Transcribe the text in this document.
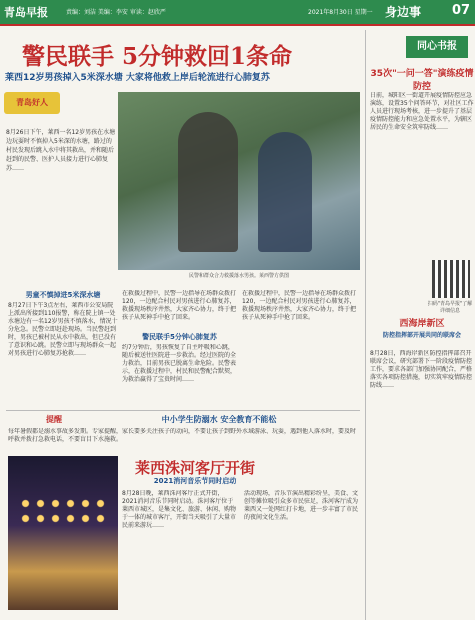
青岛早报	责编：刘洁 美编：李安 审读：赵欣严	2021年8月30日 星期一 身边事 07
警民联手 5分钟救回1条命
莱西12岁男孩掉入5米深水塘 大家将他救上岸后轮流进行心肺复苏
青岛好人
8月26日下午，莱西一名12岁男孩在水塘边玩耍时不慎掉入5米深的水塘，路过的村民发现后跳入水中将其救出，并和随后赶到的民警、医护人员接力进行心肺复苏……
民警和群众合力救援落水男孩。莱西警方供图
男童不慎掉进5米深水塘
8月27日下午3点左右，莱西市公安局院上派出所接到110报警，称在院上镇一处水塘边有一名12岁男孩不慎落水，情况十分危急。民警立即赶赴现场。当民警赶到时，男孩已被村民从水中救出，但已没有了意识和心跳。民警立即与现场群众一起对男孩进行心肺复苏抢救……
在救援过程中，民警一边指导在场群众拨打120，一边配合村民对男孩进行心肺复苏，救援现场秩序井然，大家齐心协力，终于把孩子从死神手中抢了回来。
警民联手5分钟心肺复苏
约7分钟后，男孩恢复了自主呼吸和心跳，随后被送往医院进一步救治。经过医院的全力救治，目前男孩已脱离生命危险。民警表示，在救援过程中，村民和民警配合默契，为救治赢得了宝贵时间……
在救援过程中，民警一边指导在场群众拨打120，一边配合村民对男孩进行心肺复苏，救援现场秩序井然，大家齐心协力，终于把孩子从死神手中抢了回来。
提醒	中小学生防溺水 安全教育不能松
每年暑假都是溺水事故多发期。专家提醒，家长要多关注孩子的动向，不要让孩子到野外水域游泳、玩耍，遇到他人落水时，要及时呼救并拨打急救电话，不要盲目下水施救。
莱西洙河客厅开街
2021消河音乐节同时启动
8月28日晚，莱西洙河客厅正式开街，2021消河音乐节同时启动。洙河客厅位于莱西市城区，是集文化、旅游、休闲、购物于一体的城市客厅，开街当天吸引了大量市民前来游玩……
活动现场，音乐节演出精彩纷呈，美食、文创等摊位吸引众多市民驻足，洙河客厅成为莱西又一处网红打卡地，进一步丰富了市民的夜间文化生活。
同心书报
35次"一问一答"演练疫情防控
日前，城阳区一街道开展疫情防控应急演练，设置35个问答环节，对社区工作人员进行现场考核，进一步提升了基层疫情防控能力和应急处置水平，为辖区居民的生命安全筑牢防线……
扫码"青岛早报"了解详细信息
西海岸新区
防控指挥部开展共同的联席会
8月28日，西海岸新区防控指挥部召开联席会议，研究部署下一阶段疫情防控工作，要求各部门加强协同配合，严格落实各项防控措施，切实筑牢疫情防控防线……
